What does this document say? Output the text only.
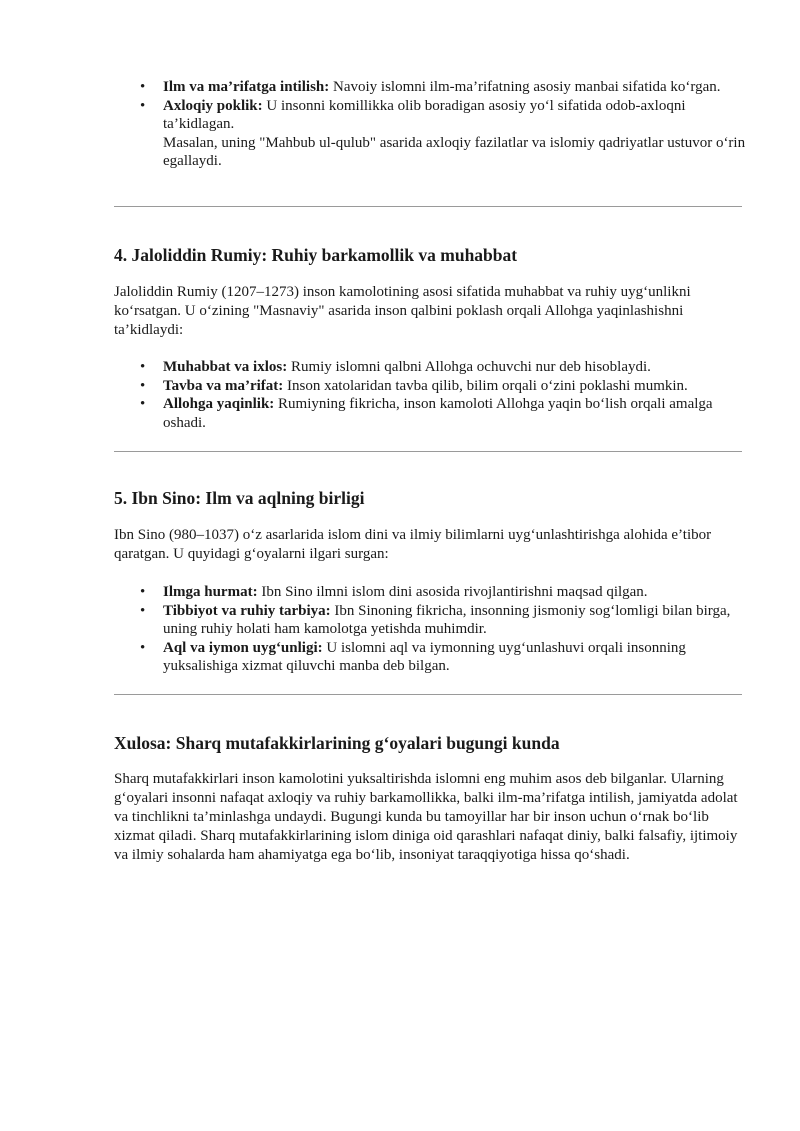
• Ilm va ma’rifatga intilish: Navoiy islomni ilm-ma’rifatning asosiy manbai sifatida ko‘rgan.
• Axloqiy poklik: U insonni komillikka olib boradigan asosiy yo‘l sifatida odob-axloqni ta’kidlagan.
Masalan, uning "Mahbub ul-qulub" asarida axloqiy fazilatlar va islomiy qadriyatlar ustuvor o‘rin egallaydi.
4. Jaloliddin Rumiy: Ruhiy barkamollik va muhabbat

Jaloliddin Rumiy (1207–1273) inson kamolotining asosi sifatida muhabbat va ruhiy uyg‘unlikni ko‘rsatgan. U o‘zining "Masnaviy" asarida inson qalbini poklash orqali Allohga yaqinlashishni ta’kidlaydi:

• Muhabbat va ixlos: Rumiy islomni qalbni Allohga ochuvchi nur deb hisoblaydi.
• Tavba va ma’rifat: Inson xatolaridan tavba qilib, bilim orqali o‘zini poklashi mumkin.
• Allohga yaqinlik: Rumiyning fikricha, inson kamoloti Allohga yaqin bo‘lish orqali amalga oshadi.
5. Ibn Sino: Ilm va aqlning birligi

Ibn Sino (980–1037) o‘z asarlarida islom dini va ilmiy bilimlarni uyg‘unlashtirishga alohida e’tibor qaratgan. U quyidagi g‘oyalarni ilgari surgan:

• Ilmga hurmat: Ibn Sino ilmni islom dini asosida rivojlantirishni maqsad qilgan.
• Tibbiyot va ruhiy tarbiya: Ibn Sinoning fikricha, insonning jismoniy sog‘lomligi bilan birga, uning ruhiy holati ham kamolotga yetishda muhimdir.
• Aql va iymon uyg‘unligi: U islomni aql va iymonning uyg‘unlashuvi orqali insonning yuksalishiga xizmat qiluvchi manba deb bilgan.
Xulosa: Sharq mutafakkirlarining g‘oyalari bugungi kunda

Sharq mutafakkirlari inson kamolotini yuksaltirishda islomni eng muhim asos deb bilganlar. Ularning g‘oyalari insonni nafaqat axloqiy va ruhiy barkamollikka, balki ilm-ma’rifatga intilish, jamiyatda adolat va tinchlikni ta’minlashga undaydi. Bugungi kunda bu tamoyillar har bir inson uchun o‘rnak bo‘lib xizmat qiladi. Sharq mutafakkirlarining islom diniga oid qarashlari nafaqat diniy, balki falsafiy, ijtimoiy va ilmiy sohalarda ham ahamiyatga ega bo‘lib, insoniyat taraqqiyotiga hissa qo‘shadi.
